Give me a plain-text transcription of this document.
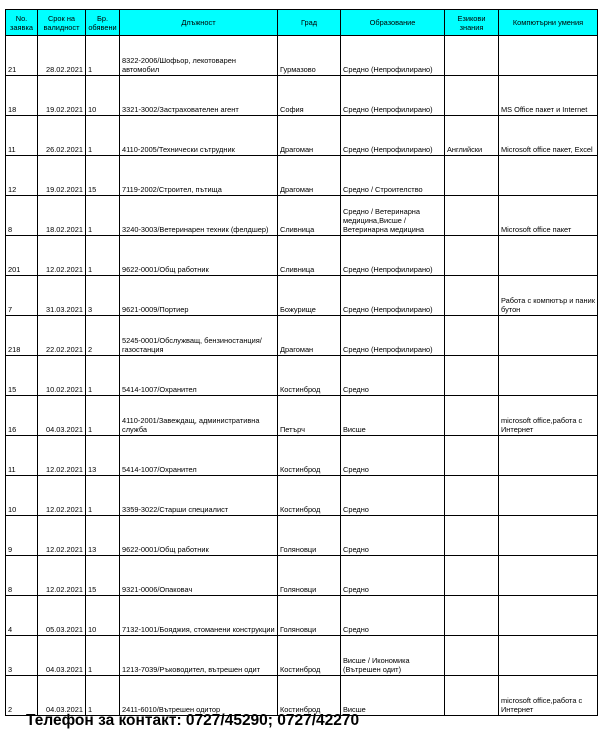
No. заявка	Срок на валидност	Бр. обявени	Длъжност	Град	Образование	Езикови знания	Компютърни умения
21	28.02.2021	1	8322-2006/Шофьор, лекотоварен автомобил	Гурмазово	Средно (Непрофилирано)		
18	19.02.2021	10	3321-3002/Застрахователен агент	София	Средно (Непрофилирано)		MS Office пакет и Internet
11	26.02.2021	1	4110-2005/Технически сътрудник	Драгоман	Средно (Непрофилирано)	Английски	Microsoft office пакет, Excel
12	19.02.2021	15	7119-2002/Строител, пътища	Драгоман	Средно / Строителство		
8	18.02.2021	1	3240-3003/Ветеринарен техник (фелдшер)	Сливница	Средно / Ветеринарна медицина,Висше / Ветеринарна медицина		Microsoft office пакет
201	12.02.2021	1	9622-0001/Общ работник	Сливница	Средно (Непрофилирано)		
7	31.03.2021	3	9621-0009/Портиер	Божурище	Средно (Непрофилирано)		Работа с компютър и паник бутон
218	22.02.2021	2	5245-0001/Обслужващ, бензиностанция/газостанция	Драгоман	Средно (Непрофилирано)		
15	10.02.2021	1	5414-1007/Охранител	Костинброд	Средно		
16	04.03.2021	1	4110-2001/Завеждащ, административна служба	Петърч	Висше		microsoft office,работа с Интернет
11	12.02.2021	13	5414-1007/Охранител	Костинброд	Средно		
10	12.02.2021	1	3359-3022/Старши специалист	Костинброд	Средно		
9	12.02.2021	13	9622-0001/Общ работник	Голяновци	Средно		
8	12.02.2021	15	9321-0006/Опаковач	Голяновци	Средно		
4	05.03.2021	10	7132-1001/Бояджия, стоманени конструкции	Голяновци	Средно		
3	04.03.2021	1	1213-7039/Ръководител, вътрешен одит	Костинброд	Висше / Икономика (Вътрешен одит)		
2	04.03.2021	1	2411-6010/Вътрешен одитор	Костинброд	Висше		microsoft office,работа с Интернет
Телефон за контакт: 0727/45290; 0727/42270
